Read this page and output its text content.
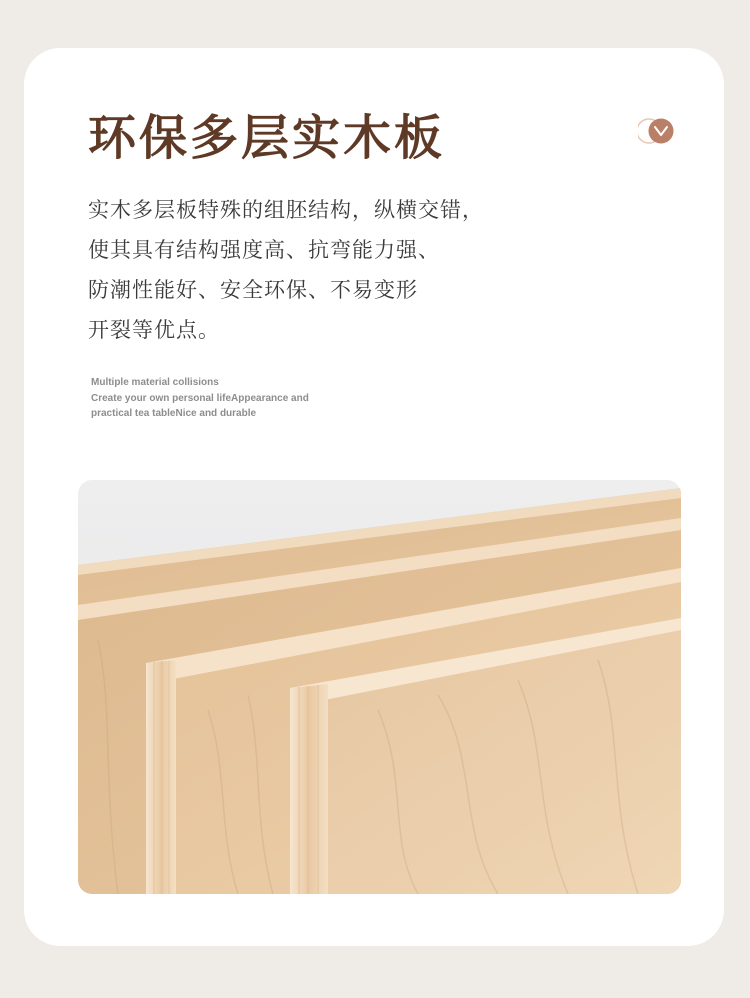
环保多层实木板
实木多层板特殊的组胚结构，纵横交错，
使其具有结构强度高、抗弯能力强、
防潮性能好、安全环保、不易变形
开裂等优点。
Multiple material collisions
Create your own personal lifeAppearance and
practical tea tableNice and durable
